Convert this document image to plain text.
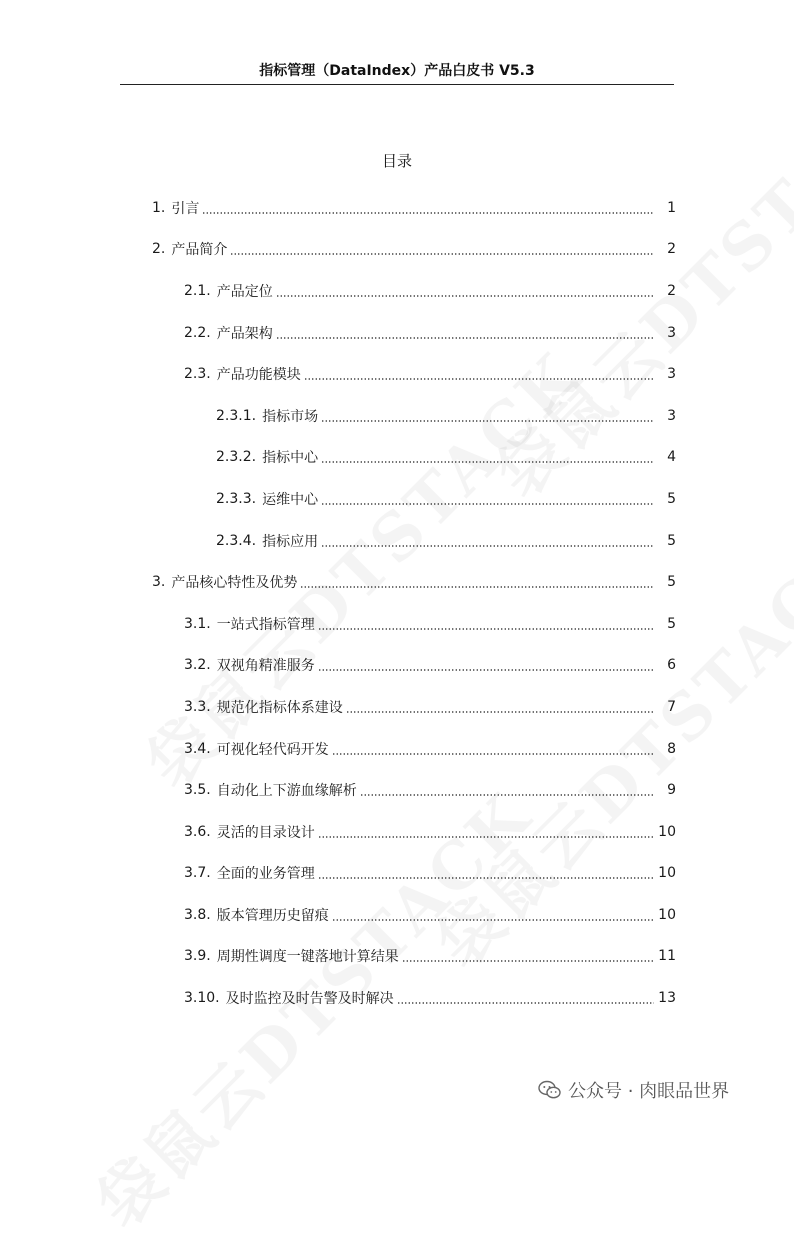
指标管理（DataIndex）产品白皮书 V5.3
目录
1. 引言	1
2. 产品简介	2
2.1. 产品定位	2
2.2. 产品架构	3
2.3. 产品功能模块	3
2.3.1. 指标市场	3
2.3.2. 指标中心	4
2.3.3. 运维中心	5
2.3.4. 指标应用	5
3. 产品核心特性及优势	5
3.1. 一站式指标管理	5
3.2. 双视角精准服务	6
3.3. 规范化指标体系建设	7
3.4. 可视化轻代码开发	8
3.5. 自动化上下游血缘解析	9
3.6. 灵活的目录设计	10
3.7. 全面的业务管理	10
3.8. 版本管理历史留痕	10
3.9. 周期性调度一键落地计算结果	11
3.10. 及时监控及时告警及时解决	13
公众号 · 肉眼品世界
